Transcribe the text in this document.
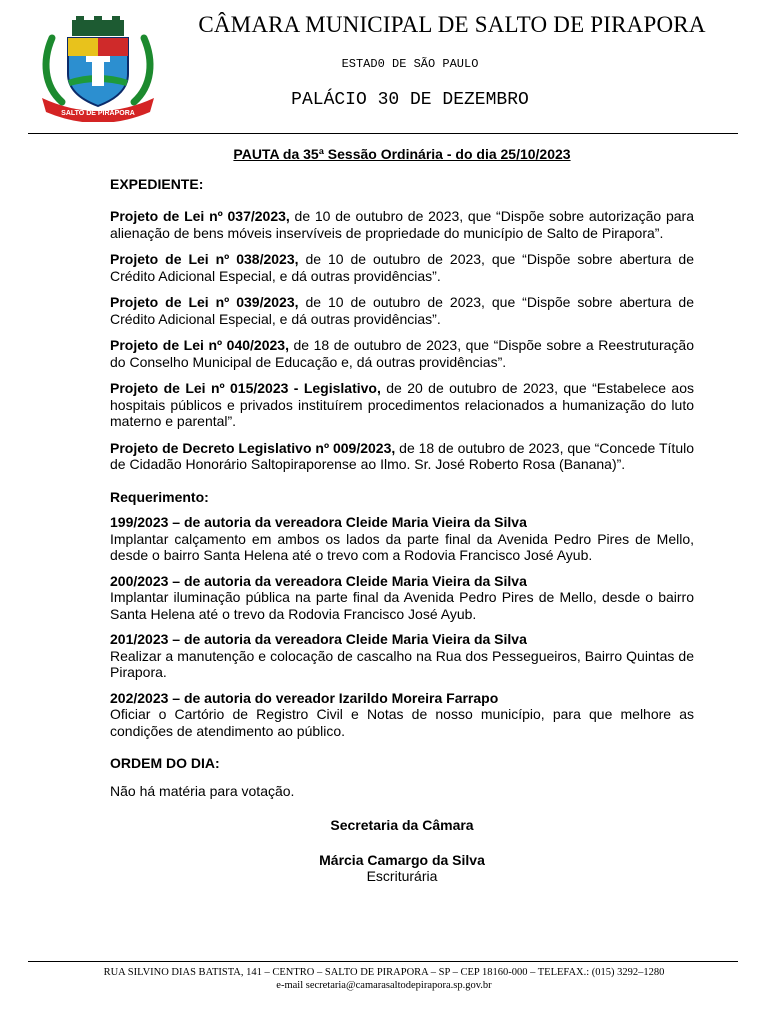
SALTO DE PIRAPORA
CÂMARA MUNICIPAL DE SALTO DE PIRAPORA
ESTAD0 DE SÃO PAULO
PALÁCIO 30 DE DEZEMBRO

PAUTA da 35ª Sessão Ordinária - do dia 25/10/2023

EXPEDIENTE:

Projeto de Lei nº 037/2023, de 10 de outubro de 2023, que “Dispõe sobre autorização para alienação de bens móveis inservíveis de propriedade do município de Salto de Pirapora”.

Projeto de Lei nº 038/2023, de 10 de outubro de 2023, que “Dispõe sobre abertura de Crédito Adicional Especial, e dá outras providências”.

Projeto de Lei nº 039/2023, de 10 de outubro de 2023, que “Dispõe sobre abertura de Crédito Adicional Especial, e dá outras providências”.

Projeto de Lei nº 040/2023, de 18 de outubro de 2023, que “Dispõe sobre a Reestruturação do Conselho Municipal de Educação e, dá outras providências”.

Projeto de Lei nº 015/2023 - Legislativo, de 20 de outubro de 2023, que “Estabelece aos hospitais públicos e privados instituírem procedimentos relacionados a humanização do luto materno e parental”.

Projeto de Decreto Legislativo nº 009/2023, de 18 de outubro de 2023, que “Concede Título de Cidadão Honorário Saltopiraporense ao Ilmo. Sr. José Roberto Rosa (Banana)”.

Requerimento:

199/2023 – de autoria da vereadora Cleide Maria Vieira da Silva
Implantar calçamento em ambos os lados da parte final da Avenida Pedro Pires de Mello, desde o bairro Santa Helena até o trevo com a Rodovia Francisco José Ayub.
200/2023 – de autoria da vereadora Cleide Maria Vieira da Silva
Implantar iluminação pública na parte final da Avenida Pedro Pires de Mello, desde o bairro Santa Helena até o trevo da Rodovia Francisco José Ayub.
201/2023 – de autoria da vereadora Cleide Maria Vieira da Silva
Realizar a manutenção e colocação de cascalho na Rua dos Pessegueiros, Bairro Quintas de Pirapora.
202/2023 – de autoria do vereador Izarildo Moreira Farrapo
Oficiar o Cartório de Registro Civil e Notas de nosso município, para que melhore as condições de atendimento ao público.

ORDEM DO DIA:

Não há matéria para votação.

Secretaria da Câmara

Márcia Camargo da Silva

Escriturária

RUA SILVINO DIAS BATISTA, 141 – CENTRO – SALTO DE PIRAPORA – SP – CEP 18160-000 – TELEFAX.: (015) 3292–1280
e-mail secretaria@camarasaltodepirapora.sp.gov.br
